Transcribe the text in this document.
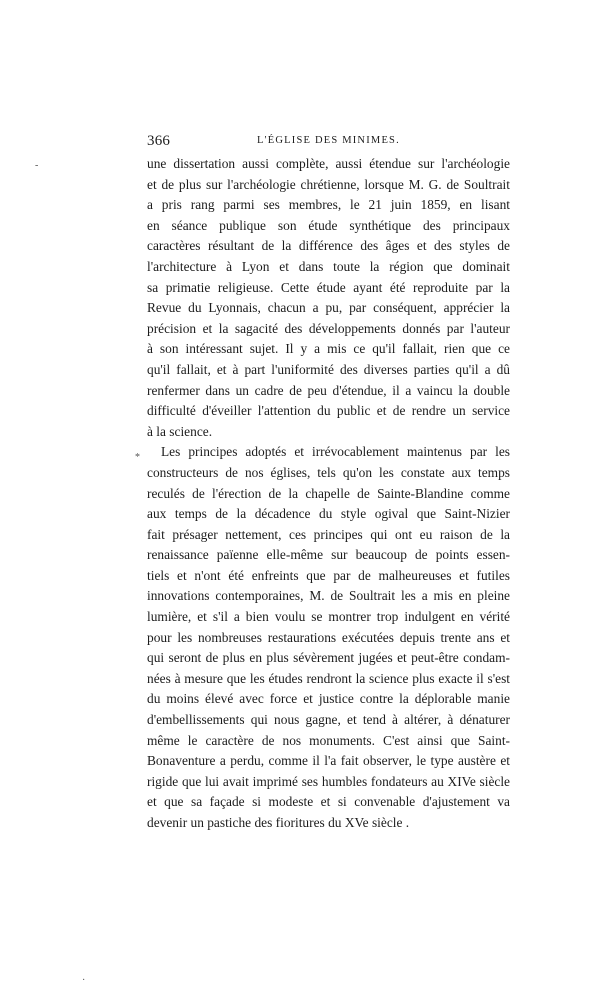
366	L'ÉGLISE DES MINIMES.
-
*
·

une dissertation aussi complète, aussi étendue sur l'archéologie
et de plus sur l'archéologie chrétienne, lorsque M. G. de Soultrait
a pris rang parmi ses membres, le 21 juin 1859, en lisant
en séance publique son étude synthétique des principaux
caractères résultant de la différence des âges et des styles de
l'architecture à Lyon et dans toute la région que dominait
sa primatie religieuse. Cette étude ayant été reproduite par la
Revue du Lyonnais, chacun a pu, par conséquent, apprécier la
précision et la sagacité des développements donnés par l'auteur
à son intéressant sujet. Il y a mis ce qu'il fallait, rien que ce
qu'il fallait, et à part l'uniformité des diverses parties qu'il a dû
renfermer dans un cadre de peu d'étendue, il a vaincu la double
difficulté d'éveiller l'attention du public et de rendre un service
à la science.

Les principes adoptés et irrévocablement maintenus par les
constructeurs de nos églises, tels qu'on les constate aux temps
reculés de l'érection de la chapelle de Sainte-Blandine comme
aux temps de la décadence du style ogival que Saint-Nizier
fait présager nettement, ces principes qui ont eu raison de la
renaissance païenne elle-même sur beaucoup de points essen-
tiels et n'ont été enfreints que par de malheureuses et futiles
innovations contemporaines, M. de Soultrait les a mis en pleine
lumière, et s'il a bien voulu se montrer trop indulgent en vérité
pour les nombreuses restaurations exécutées depuis trente ans et
qui seront de plus en plus sévèrement jugées et peut-être condam-
nées à mesure que les études rendront la science plus exacte il s'est
du moins élevé avec force et justice contre la déplorable manie
d'embellissements qui nous gagne, et tend à altérer, à dénaturer
même le caractère de nos monuments. C'est ainsi que Saint-
Bonaventure a perdu, comme il l'a fait observer, le type austère et
rigide que lui avait imprimé ses humbles fondateurs au XIVe siècle
et que sa façade si modeste et si convenable d'ajustement va
devenir un pastiche des fioritures du XVe siècle .
